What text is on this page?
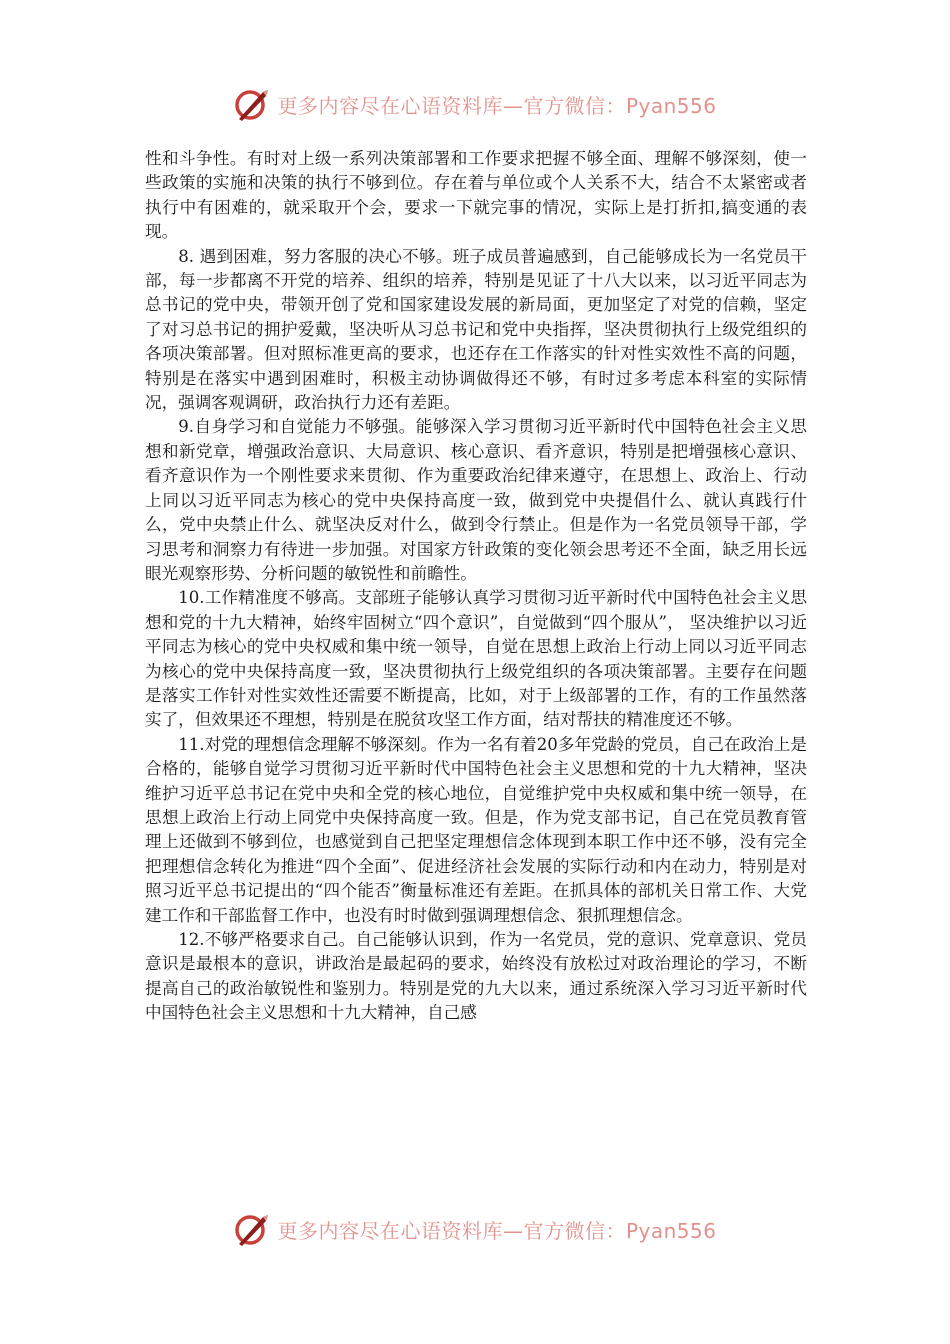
更多内容尽在心语资料库—官方微信：Pyan556

性和斗争性。有时对上级一系列决策部署和工作要求把握不够全面、理解不够深刻，使一些政策的实施和决策的执行不够到位。存在着与单位或个人关系不大，结合不太紧密或者执行中有困难的，就采取开个会，要求一下就完事的情况，实际上是打折扣,搞变通的表现。

8. 遇到困难，努力客服的决心不够。班子成员普遍感到，自己能够成长为一名党员干部，每一步都离不开党的培养、组织的培养，特别是见证了十八大以来，以习近平同志为总书记的党中央，带领开创了党和国家建设发展的新局面，更加坚定了对党的信赖，坚定了对习总书记的拥护爱戴，坚决听从习总书记和党中央指挥，坚决贯彻执行上级党组织的各项决策部署。但对照标准更高的要求，也还存在工作落实的针对性实效性不高的问题，特别是在落实中遇到困难时，积极主动协调做得还不够，有时过多考虑本科室的实际情况，强调客观调研，政治执行力还有差距。

9.自身学习和自觉能力不够强。能够深入学习贯彻习近平新时代中国特色社会主义思想和新党章，增强政治意识、大局意识、核心意识、看齐意识，特别是把增强核心意识、看齐意识作为一个刚性要求来贯彻、作为重要政治纪律来遵守，在思想上、政治上、行动上同以习近平同志为核心的党中央保持高度一致，做到党中央提倡什么、就认真践行什么，党中央禁止什么、就坚决反对什么，做到令行禁止。但是作为一名党员领导干部，学习思考和洞察力有待进一步加强。对国家方针政策的变化领会思考还不全面，缺乏用长远眼光观察形势、分析问题的敏锐性和前瞻性。

10.工作精准度不够高。支部班子能够认真学习贯彻习近平新时代中国特色社会主义思想和党的十九大精神，始终牢固树立“四个意识”，自觉做到“四个服从”， 坚决维护以习近平同志为核心的党中央权威和集中统一领导，自觉在思想上政治上行动上同以习近平同志为核心的党中央保持高度一致，坚决贯彻执行上级党组织的各项决策部署。主要存在问题是落实工作针对性实效性还需要不断提高，比如，对于上级部署的工作，有的工作虽然落实了，但效果还不理想，特别是在脱贫攻坚工作方面，结对帮扶的精准度还不够。

11.对党的理想信念理解不够深刻。作为一名有着20多年党龄的党员，自己在政治上是合格的，能够自觉学习贯彻习近平新时代中国特色社会主义思想和党的十九大精神，坚决维护习近平总书记在党中央和全党的核心地位，自觉维护党中央权威和集中统一领导，在思想上政治上行动上同党中央保持高度一致。但是，作为党支部书记，自己在党员教育管理上还做到不够到位，也感觉到自己把坚定理想信念体现到本职工作中还不够，没有完全把理想信念转化为推进“四个全面”、促进经济社会发展的实际行动和内在动力，特别是对照习近平总书记提出的“四个能否”衡量标准还有差距。在抓具体的部机关日常工作、大党建工作和干部监督工作中，也没有时时做到强调理想信念、狠抓理想信念。

12.不够严格要求自己。自己能够认识到，作为一名党员，党的意识、党章意识、党员意识是最根本的意识，讲政治是最起码的要求，始终没有放松过对政治理论的学习，不断提高自己的政治敏锐性和鉴别力。特别是党的九大以来，通过系统深入学习习近平新时代中国特色社会主义思想和十九大精神，自己感

更多内容尽在心语资料库—官方微信：Pyan556
